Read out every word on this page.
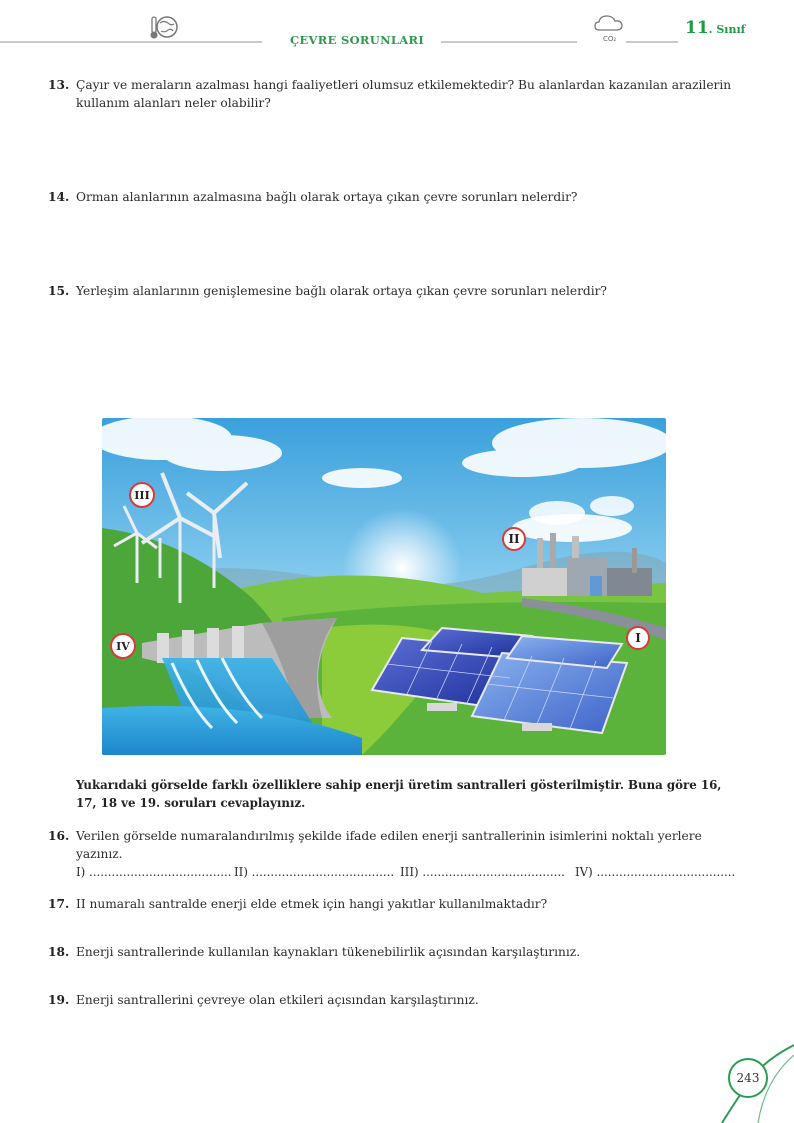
ÇEVRE SORUNLARI	CO₂
11. Sınıf
13. Çayır ve meraların azalması hangi faaliyetleri olumsuz etkilemektedir? Bu alanlardan kazanılan arazilerin kullanım alanları neler olabilir?
14. Orman alanlarının azalmasına bağlı olarak ortaya çıkan çevre sorunları nelerdir?
15. Yerleşim alanlarının genişlemesine bağlı olarak ortaya çıkan çevre sorunları nelerdir?
I
II
III
IV
Yukarıdaki görselde farklı özelliklere sahip enerji üretim santralleri gösterilmiştir. Buna göre 16, 17, 18 ve 19. soruları cevaplayınız.
16. Verilen görselde numaralandırılmış şekilde ifade edilen enerji santrallerinin isimlerini noktalı yerlere yazınız.
I) ...................................... II) ...................................... III) ...................................... IV) .....................................
17. II numaralı santralde enerji elde etmek için hangi yakıtlar kullanılmaktadır?
18. Enerji santrallerinde kullanılan kaynakları tükenebilirlik açısından karşılaştırınız.
19. Enerji santrallerini çevreye olan etkileri açısından karşılaştırınız.
243
